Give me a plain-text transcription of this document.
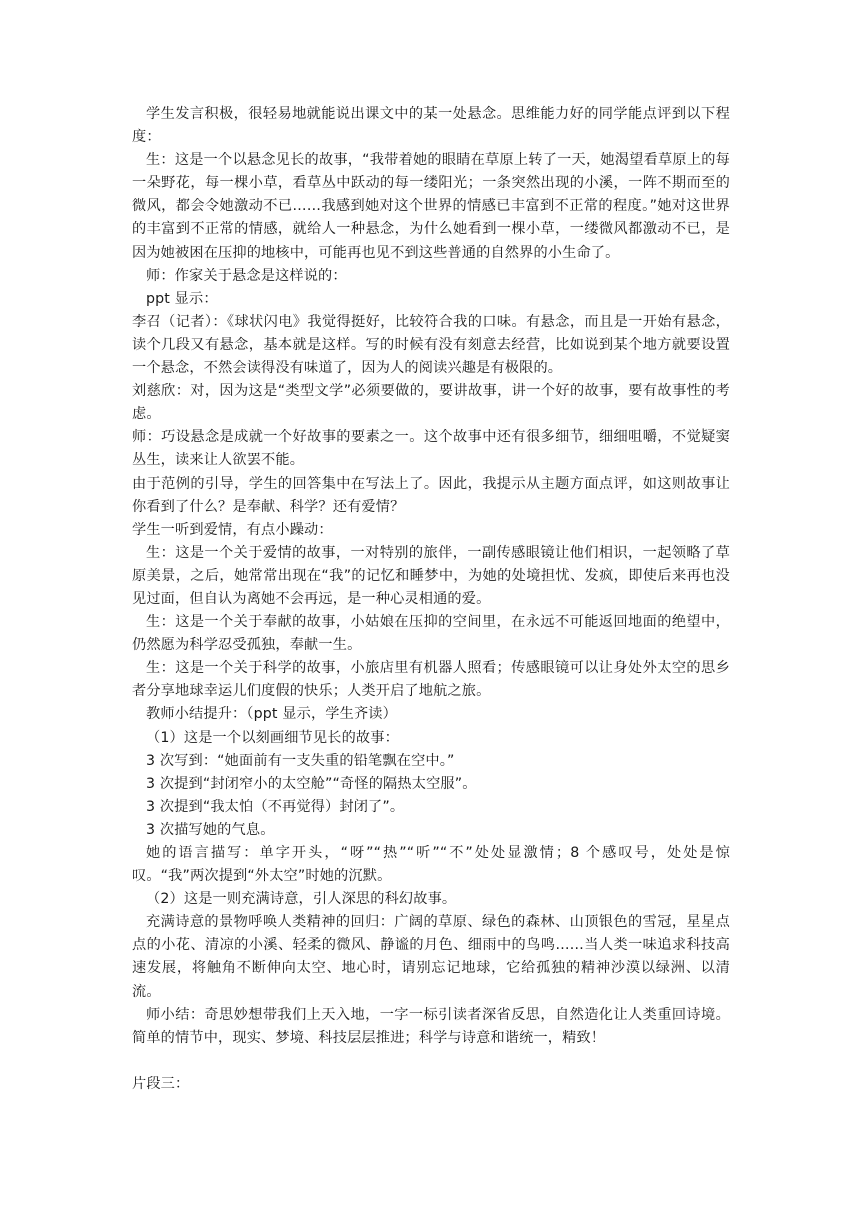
学生发言积极，很轻易地就能说出课文中的某一处悬念。思维能力好的同学能点评到以下程度：

生：这是一个以悬念见长的故事，“我带着她的眼睛在草原上转了一天，她渴望看草原上的每一朵野花，每一棵小草，看草丛中跃动的每一缕阳光；一条突然出现的小溪，一阵不期而至的微风，都会令她激动不已……我感到她对这个世界的情感已丰富到不正常的程度。”她对这世界的丰富到不正常的情感，就给人一种悬念，为什么她看到一棵小草，一缕微风都激动不已，是因为她被困在压抑的地核中，可能再也见不到这些普通的自然界的小生命了。

师：作家关于悬念是这样说的：

ppt 显示：

李召（记者）：《球状闪电》我觉得挺好，比较符合我的口味。有悬念，而且是一开始有悬念，读个几段又有悬念，基本就是这样。写的时候有没有刻意去经营，比如说到某个地方就要设置一个悬念，不然会读得没有味道了，因为人的阅读兴趣是有极限的。

刘慈欣：对，因为这是“类型文学”必须要做的，要讲故事，讲一个好的故事，要有故事性的考虑。

师：巧设悬念是成就一个好故事的要素之一。这个故事中还有很多细节，细细咀嚼，不觉疑窦丛生，读来让人欲罢不能。

由于范例的引导，学生的回答集中在写法上了。因此，我提示从主题方面点评，如这则故事让你看到了什么？是奉献、科学？还有爱情？

学生一听到爱情，有点小躁动：

生：这是一个关于爱情的故事，一对特别的旅伴，一副传感眼镜让他们相识，一起领略了草原美景，之后，她常常出现在“我”的记忆和睡梦中，为她的处境担忧、发疯，即使后来再也没见过面，但自认为离她不会再远，是一种心灵相通的爱。

生：这是一个关于奉献的故事，小姑娘在压抑的空间里，在永远不可能返回地面的绝望中，仍然愿为科学忍受孤独，奉献一生。

生：这是一个关于科学的故事，小旅店里有机器人照看；传感眼镜可以让身处外太空的思乡者分享地球幸运儿们度假的快乐；人类开启了地航之旅。

教师小结提升：（ppt 显示，学生齐读）

（1）这是一个以刻画细节见长的故事：

3 次写到：“她面前有一支失重的铅笔飘在空中。”

3 次提到“封闭窄小的太空舱”“奇怪的隔热太空服”。

3 次提到“我太怕（不再觉得）封闭了”。

3 次描写她的气息。

她的语言描写：单字开头，“呀”“热”“听”“不”处处显激情；8 个感叹号，处处是惊叹。“我”两次提到“外太空”时她的沉默。

（2）这是一则充满诗意，引人深思的科幻故事。

充满诗意的景物呼唤人类精神的回归：广阔的草原、绿色的森林、山顶银色的雪冠，星星点点的小花、清凉的小溪、轻柔的微风、静谧的月色、细雨中的鸟鸣……当人类一味追求科技高速发展，将触角不断伸向太空、地心时，请别忘记地球，它给孤独的精神沙漠以绿洲、以清流。

师小结：奇思妙想带我们上天入地，一字一标引读者深省反思，自然造化让人类重回诗境。简单的情节中，现实、梦境、科技层层推进；科学与诗意和谐统一，精致！

片段三：
